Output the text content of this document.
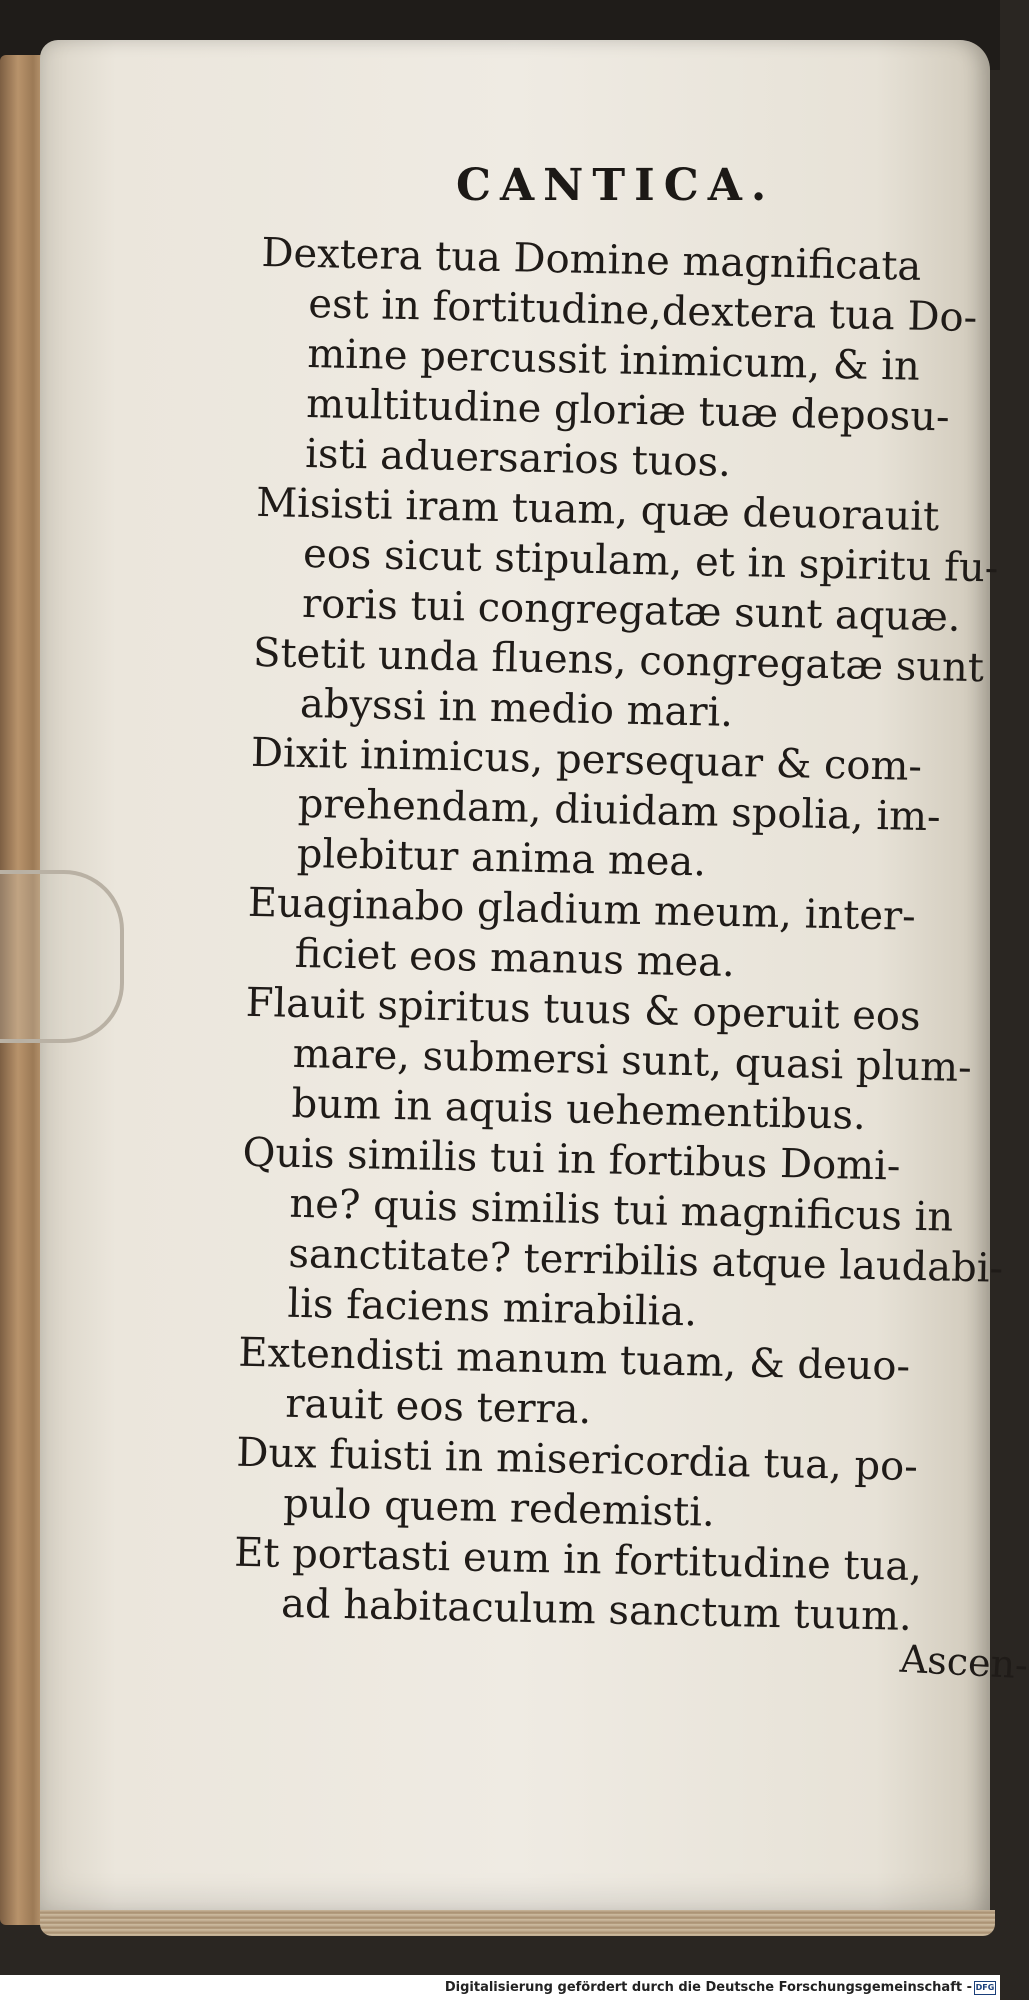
CANTICA.
Dextera tua Domine magnificata
est in fortitudine,dextera tua Do-
mine percussit inimicum, & in
multitudine gloriæ tuæ deposu-
isti aduersarios tuos.
Misisti iram tuam, quæ deuorauit
eos sicut stipulam, et in spiritu fu-
roris tui congregatæ sunt aquæ.
Stetit unda fluens, congregatæ sunt
abyssi in medio mari.
Dixit inimicus, persequar & com-
prehendam, diuidam spolia, im-
plebitur anima mea.
Euaginabo gladium meum, inter-
ficiet eos manus mea.
Flauit spiritus tuus & operuit eos
mare, submersi sunt, quasi plum-
bum in aquis uehementibus.
Quis similis tui in fortibus Domi-
ne? quis similis tui magnificus in
sanctitate? terribilis atque laudabi-
lis faciens mirabilia.
Extendisti manum tuam, & deuo-
rauit eos terra.
Dux fuisti in misericordia tua, po-
pulo quem redemisti.
Et portasti eum in fortitudine tua,
ad habitaculum sanctum tuum.
Ascen-
Digitalisierung gefördert durch die Deutsche Forschungsgemeinschaft - DFG
